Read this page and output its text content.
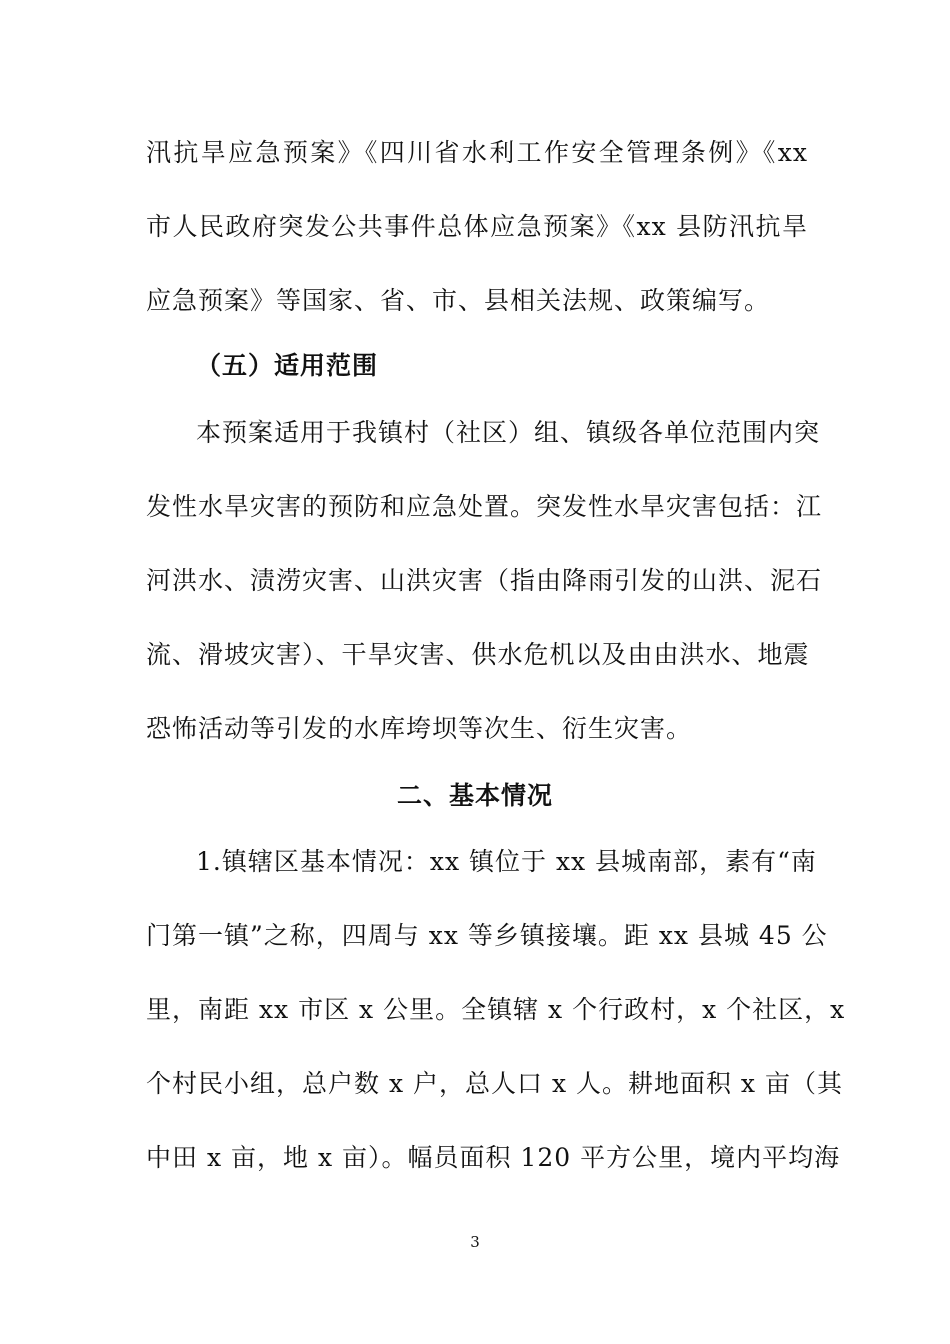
汛抗旱应急预案》《四川省水利工作安全管理条例》《xx
市人民政府突发公共事件总体应急预案》《xx 县防汛抗旱
应急预案》等国家、省、市、县相关法规、政策编写。
（五）适用范围
本预案适用于我镇村（社区）组、镇级各单位范围内突
发性水旱灾害的预防和应急处置。突发性水旱灾害包括：江
河洪水、渍涝灾害、山洪灾害（指由降雨引发的山洪、泥石
流、滑坡灾害）、干旱灾害、供水危机以及由由洪水、地震
恐怖活动等引发的水库垮坝等次生、衍生灾害。
二、基本情况
1.镇辖区基本情况：xx 镇位于 xx 县城南部，素有“南
门第一镇”之称，四周与 xx 等乡镇接壤。距 xx 县城 45 公
里，南距 xx 市区 x 公里。全镇辖 x 个行政村，x 个社区，x
个村民小组，总户数 x 户，总人口 x 人。耕地面积 x 亩（其
中田 x 亩，地 x 亩）。幅员面积 120 平方公里，境内平均海
3
